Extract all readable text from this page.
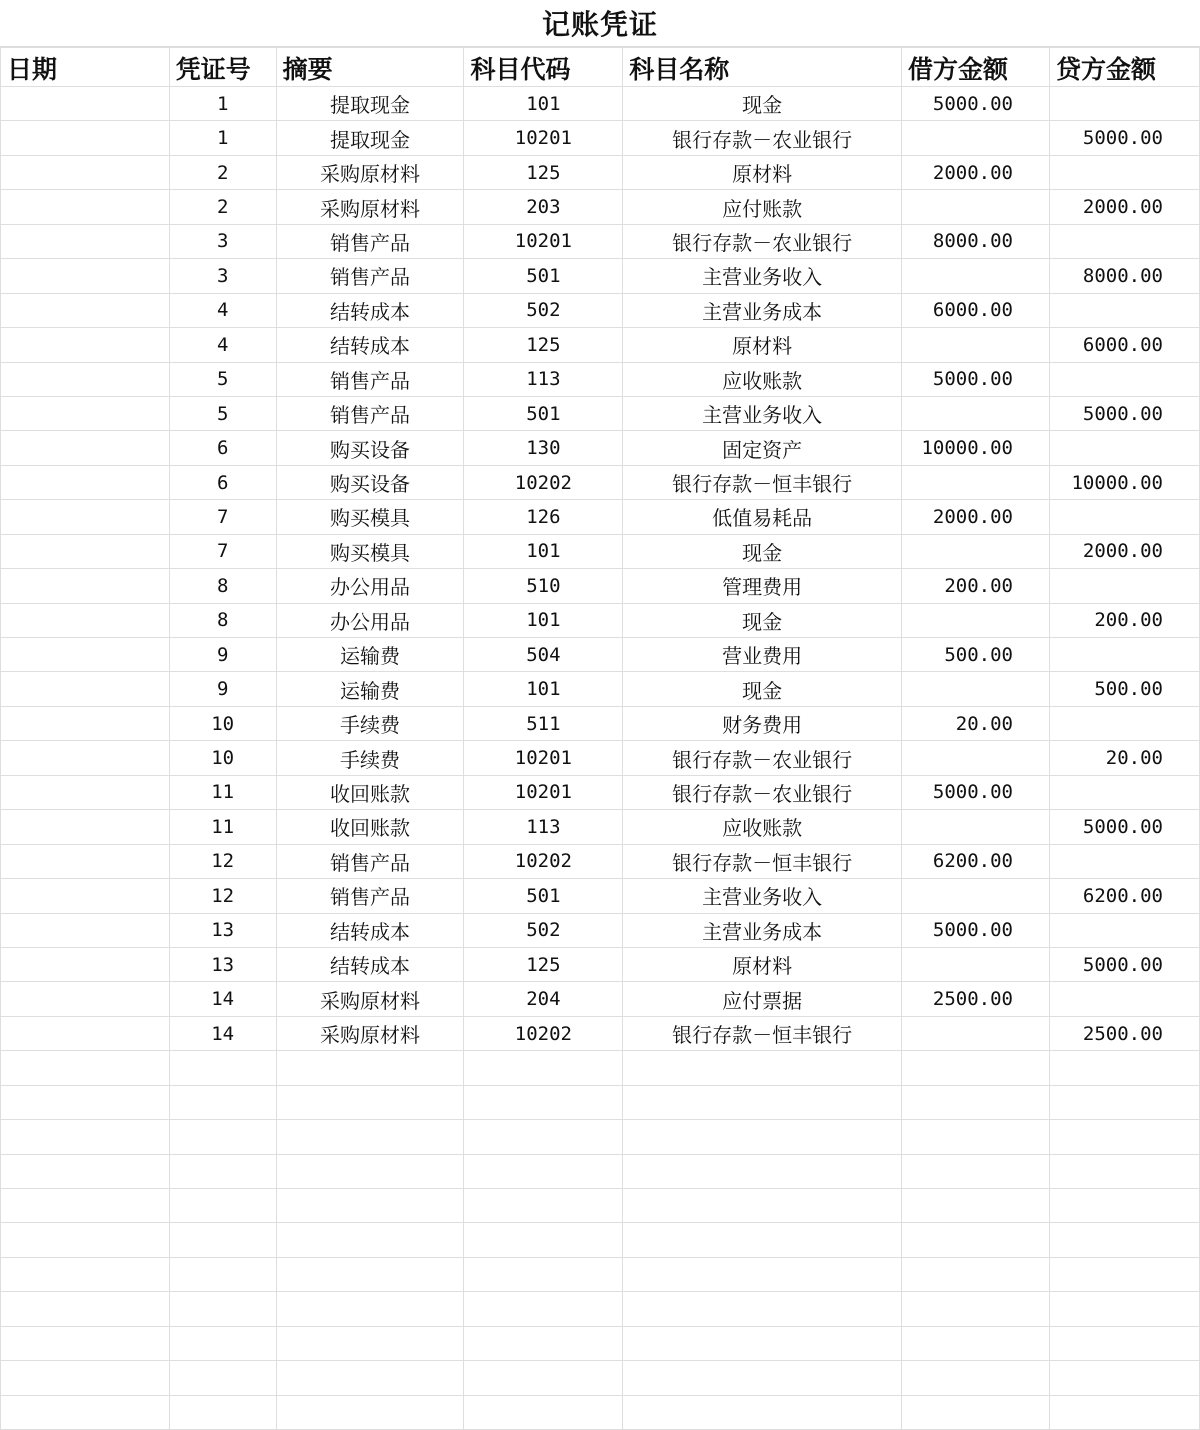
记账凭证
日期	凭证号	摘要	科目代码	科目名称	借方金额	贷方金额
	1	提取现金	101	现金	5000.00	
	1	提取现金	10201	银行存款－农业银行		5000.00
	2	采购原材料	125	原材料	2000.00	
	2	采购原材料	203	应付账款		2000.00
	3	销售产品	10201	银行存款－农业银行	8000.00	
	3	销售产品	501	主营业务收入		8000.00
	4	结转成本	502	主营业务成本	6000.00	
	4	结转成本	125	原材料		6000.00
	5	销售产品	113	应收账款	5000.00	
	5	销售产品	501	主营业务收入		5000.00
	6	购买设备	130	固定资产	10000.00	
	6	购买设备	10202	银行存款－恒丰银行		10000.00
	7	购买模具	126	低值易耗品	2000.00	
	7	购买模具	101	现金		2000.00
	8	办公用品	510	管理费用	200.00	
	8	办公用品	101	现金		200.00
	9	运输费	504	营业费用	500.00	
	9	运输费	101	现金		500.00
	10	手续费	511	财务费用	20.00	
	10	手续费	10201	银行存款－农业银行		20.00
	11	收回账款	10201	银行存款－农业银行	5000.00	
	11	收回账款	113	应收账款		5000.00
	12	销售产品	10202	银行存款－恒丰银行	6200.00	
	12	销售产品	501	主营业务收入		6200.00
	13	结转成本	502	主营业务成本	5000.00	
	13	结转成本	125	原材料		5000.00
	14	采购原材料	204	应付票据	2500.00	
	14	采购原材料	10202	银行存款－恒丰银行		2500.00
